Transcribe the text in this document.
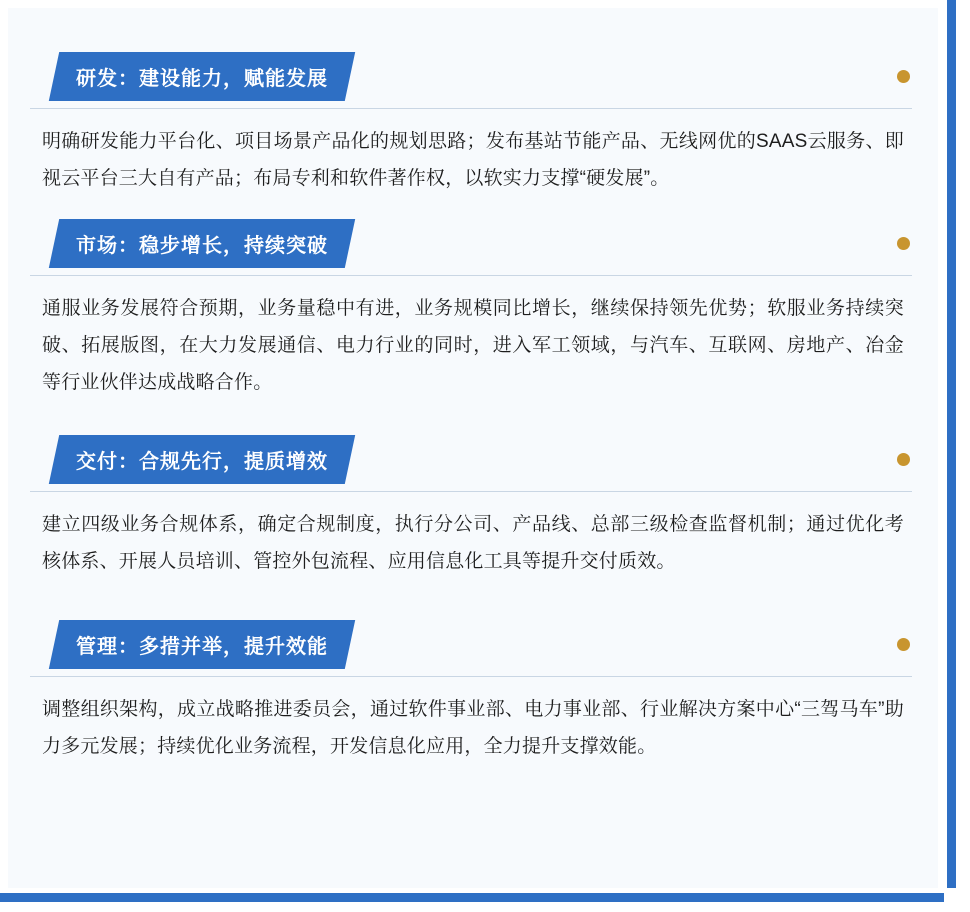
研发：建设能力，赋能发展
明确研发能力平台化、项目场景产品化的规划思路；发布基站节能产品、无线网优的SAAS云服务、即视云平台三大自有产品；布局专利和软件著作权，以软实力支撑“硬发展”。
市场：稳步增长，持续突破
通服业务发展符合预期，业务量稳中有进，业务规模同比增长，继续保持领先优势；软服业务持续突破、拓展版图，在大力发展通信、电力行业的同时，进入军工领域，与汽车、互联网、房地产、冶金等行业伙伴达成战略合作。
交付：合规先行，提质增效
建立四级业务合规体系，确定合规制度，执行分公司、产品线、总部三级检查监督机制；通过优化考核体系、开展人员培训、管控外包流程、应用信息化工具等提升交付质效。
管理：多措并举，提升效能
调整组织架构，成立战略推进委员会，通过软件事业部、电力事业部、行业解决方案中心“三驾马车”助力多元发展；持续优化业务流程，开发信息化应用，全力提升支撑效能。
